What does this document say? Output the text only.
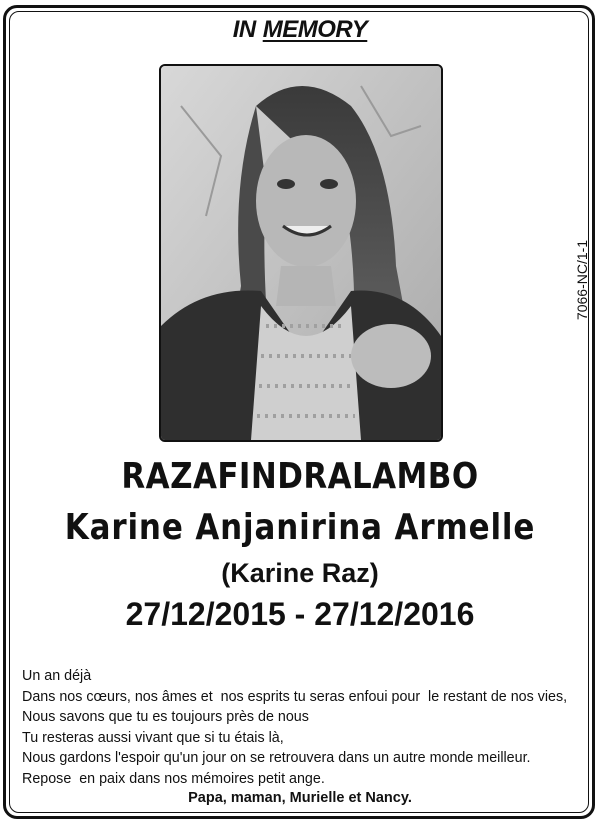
IN MEMORY
7066-NC/1-1
RAZAFINDRALAMBO
Karine Anjanirina Armelle
(Karine Raz)
27/12/2015 - 27/12/2016
Un an déjà
Dans nos cœurs, nos âmes et  nos esprits tu seras enfoui pour  le restant de nos vies,
Nous savons que tu es toujours près de nous
Tu resteras aussi vivant que si tu étais là,
Nous gardons l'espoir qu'un jour on se retrouvera dans un autre monde meilleur.
Repose  en paix dans nos mémoires petit ange.
Papa, maman, Murielle et Nancy.
